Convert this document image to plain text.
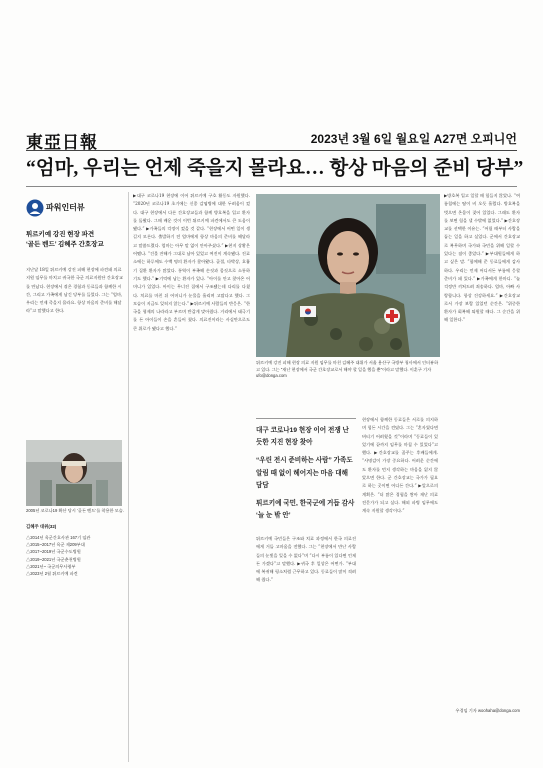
東亞日報	2023년 3월 6일 월요일 A27면 오피니언
“엄마, 우리는 언제 죽을지 몰라요… 항상 마음의 준비 당부”
파워인터뷰
튀르키예 강진 현장 파견
‘골든 벤드’ 김혜주 간호장교
지난달 18일 튀르키예 강진 피해 현장에 파견돼 의료 지원 임무를 마치고 귀국한 국군 의료지원단 간호장교를 만났다. 현장에서 겪은 경험과 동료들과 함께한 시간, 그리고 가족에게 남긴 당부를 들었다. 그는 “엄마, 우리는 언제 죽을지 몰라요. 항상 마음의 준비를 해달라”고 말했다고 한다.
2005년 코로나19 확산 당시 ‘골든 벤드’를 착용한 모습.
김혜주 대위(32)
△2014년 육군간호사관 167기 임관
△2015~2017년 육군 제209부대
△2017~2019년 국군수도병원
△2019~2021년 국군춘천병원
△2021년~ 국군의무사령부
△2023년 2월 튀르키예 파견
▶대구 코로나19 현장에 이어 튀르키예 구호 활동도 자원했다. “2020년 코로나19 초기에는 신종 감염병에 대한 두려움이 컸다. 대구 현장에서 다른 간호장교들과 함께 방호복을 입고 환자를 돌봤다. 그때 배운 것이 이번 튀르키예 파견에서도 큰 도움이 됐다.” ▶가족들의 걱정이 컸을 것 같다. “현장에서 어떤 일이 생길지 모른다. 출발하기 전 엄마에게 항상 마음의 준비를 해달라고 말씀드렸다. 엄마는 아무 말 없이 안아주셨다.” ▶현지 상황은 어땠나. “건물 잔해가 그대로 남아 있었고 여진이 계속됐다. 진료소에는 하루에도 수백 명의 환자가 찾아왔다. 골절, 타박상, 호흡기 질환 환자가 많았다. 통역이 부족해 손짓과 몸짓으로 소통하기도 했다.” ▶기억에 남는 환자가 있나. “아이를 안고 찾아온 어머니가 있었다. 아이는 무너진 집에서 구조됐는데 다리를 다쳤다. 치료를 마친 뒤 어머니가 눈물을 흘리며 고맙다고 했다. 그 모습이 지금도 잊히지 않는다.” ▶튀르키예 사람들의 반응은. “한국을 형제의 나라라고 부르며 반갑게 맞아줬다. 거리에서 태극기를 든 아이들이 손을 흔들어 줬다. 의료진이라는 사실만으로도 큰 위로가 됐다고 했다.”
튀르키예 강진 피해 현장 의료 지원 임무를 마친 김혜주 대위가 서울 용산구 국방부 청사에서 인터뷰하고 있다. 그는 “재난 현장에서 국군 간호장교로서 해야 할 일을 했을 뿐”이라고 말했다. 이훈구 기자 ufo@donga.com

대구 코로나19 현장 이어 전쟁 난 듯한 지진 현장 찾아

“우린 전시 준비하는 사람” 가족도 알림 때 없이 헤어지는 마음 대해 담담

튀르키예 국민, 한국군에 거듭 감사 ‘늘 눈 밖 안’

튀르키예 국민들은 구조와 치료 과정에서 한국 의료진에게 거듭 고마움을 전했다. 그는 “현장에서 만난 사람들의 눈빛을 잊을 수 없다”며 “다시 부름이 있다면 언제든 가겠다”고 말했다. ▶귀국 후 일상은 어떤가. “부대에 복귀해 평소처럼 근무하고 있다. 동료들이 많이 격려해 줬다.”
현장에서 함께한 동료들은 서로를 의지하며 힘든 시간을 견뎠다. 그는 “혼자였다면 버티기 어려웠을 것”이라며 “동료들이 있었기에 끝까지 임무를 마칠 수 있었다”고 했다. ▶간호장교를 꿈꾸는 후배들에게. “사명감이 가장 중요하다. 어려운 순간에도 환자를 먼저 생각하는 마음을 잃지 않았으면 한다. 군 간호장교는 국가가 필요로 하는 곳이면 어디든 간다.” ▶앞으로의 계획은. “더 많은 경험을 쌓아 재난 의료 전문가가 되고 싶다. 해외 파병 임무에도 계속 지원할 생각이다.”
▶방호복 입고 일할 때 힘들지 않았나. “여름철에는 땀이 비 오듯 흘렀다. 방호복을 벗으면 온몸이 젖어 있었다. 그래도 환자를 보면 힘을 낼 수밖에 없었다.” ▶간호장교를 선택한 이유는. “어릴 때부터 사람을 돕는 일을 하고 싶었다. 군에서 간호장교로 복무하며 국가와 국민을 위해 일할 수 있다는 점이 좋았다.” ▶부대원들에게 하고 싶은 말. “함께해 준 동료들에게 감사하다. 우리는 언제 어디서든 부름에 응할 준비가 돼 있다.” ▶가족에게 한마디. “늘 걱정만 끼쳐드려 죄송하다. 엄마, 아빠 사랑합니다. 항상 건강하세요.” ▶간호장교로서 가장 보람 있었던 순간은. “위중한 환자가 회복해 퇴원할 때다. 그 순간을 위해 일한다.”
우경임 기자 woohaha@donga.com
